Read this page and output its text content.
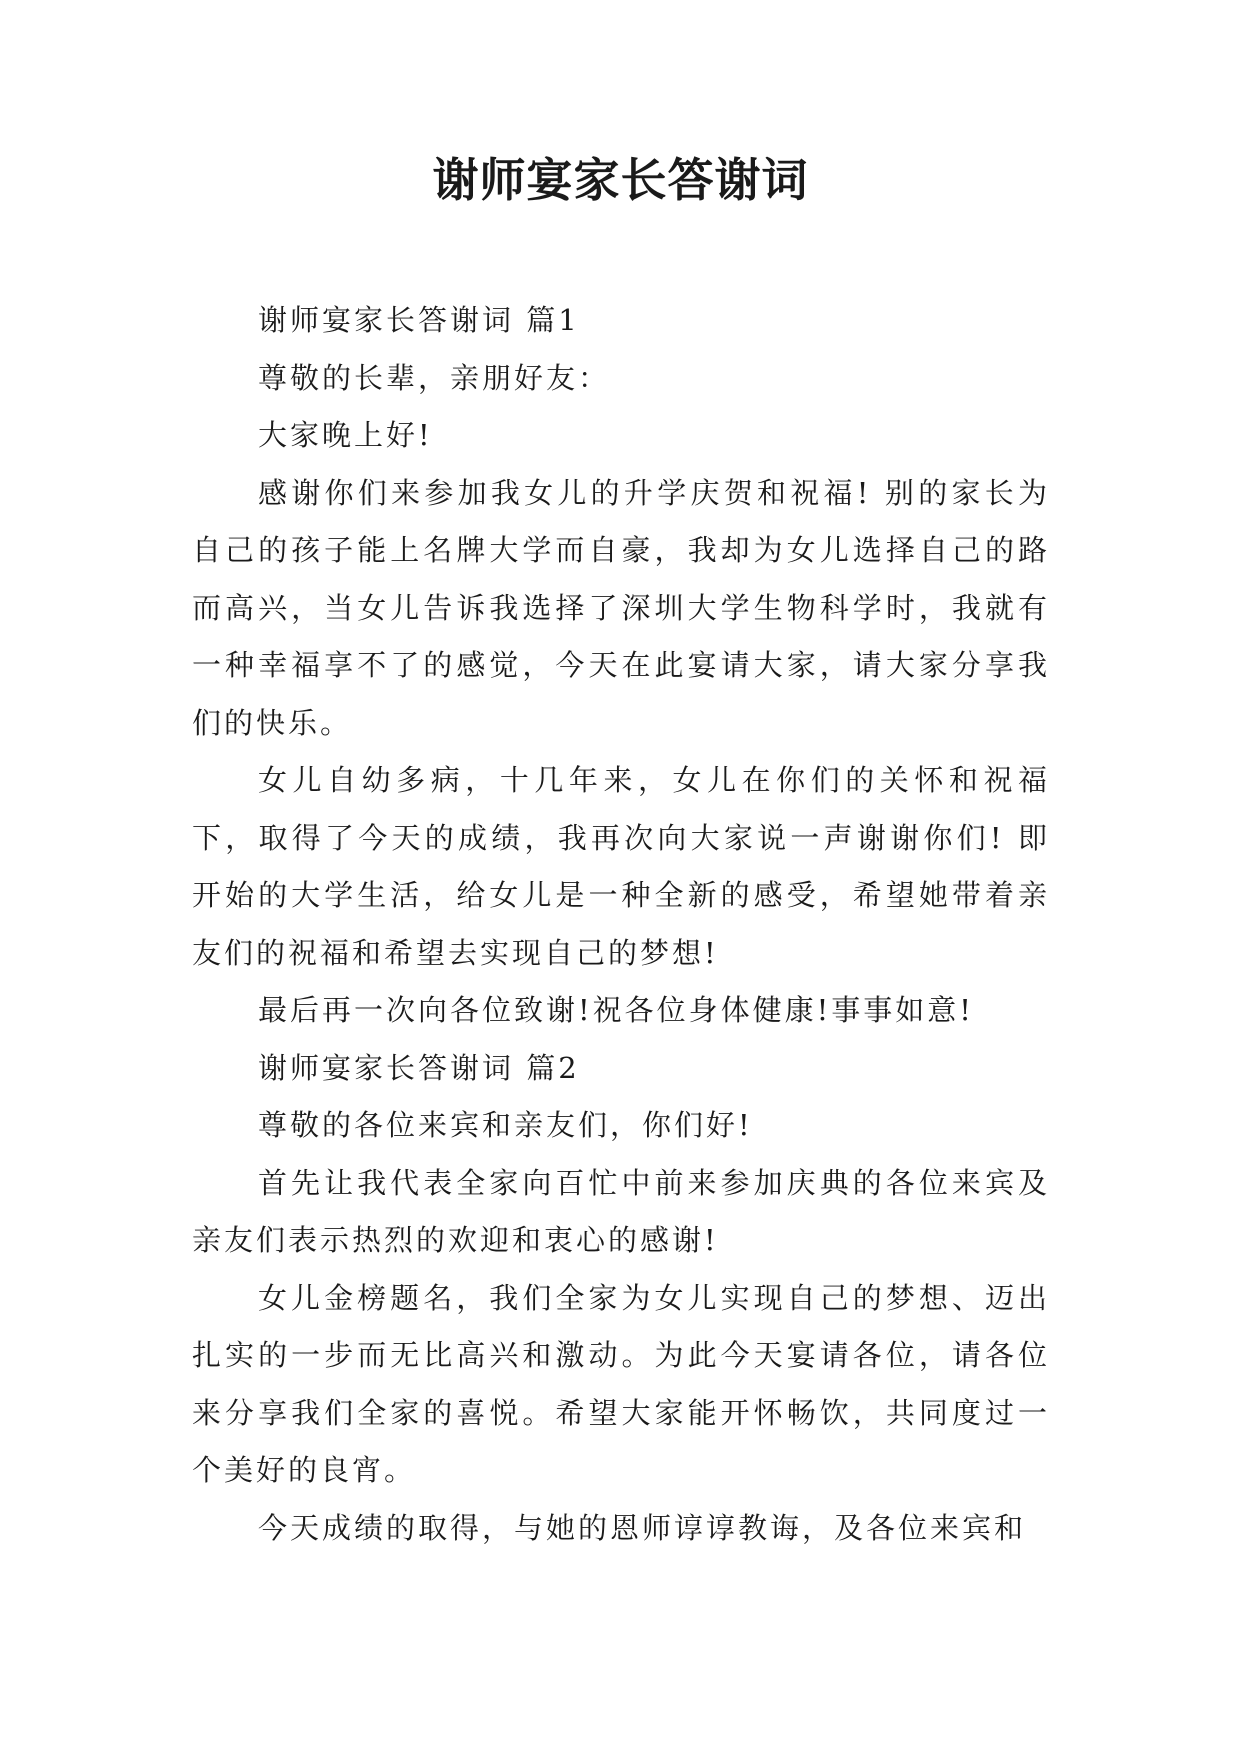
谢师宴家长答谢词

谢师宴家长答谢词 篇1

尊敬的长辈，亲朋好友：

大家晚上好!

感谢你们来参加我女儿的升学庆贺和祝福! 别的家长为自己的孩子能上名牌大学而自豪，我却为女儿选择自己的路而高兴，当女儿告诉我选择了深圳大学生物科学时，我就有一种幸福享不了的感觉，今天在此宴请大家，请大家分享我们的快乐。

女儿自幼多病，十几年来，女儿在你们的关怀和祝福下，取得了今天的成绩，我再次向大家说一声谢谢你们! 即开始的大学生活，给女儿是一种全新的感受，希望她带着亲友们的祝福和希望去实现自己的梦想!

最后再一次向各位致谢!祝各位身体健康!事事如意!

谢师宴家长答谢词 篇2

尊敬的各位来宾和亲友们，你们好!

首先让我代表全家向百忙中前来参加庆典的各位来宾及亲友们表示热烈的欢迎和衷心的感谢!

女儿金榜题名，我们全家为女儿实现自己的梦想、迈出扎实的一步而无比高兴和激动。为此今天宴请各位，请各位来分享我们全家的喜悦。希望大家能开怀畅饮，共同度过一个美好的良宵。

今天成绩的取得，与她的恩师谆谆教诲，及各位来宾和
